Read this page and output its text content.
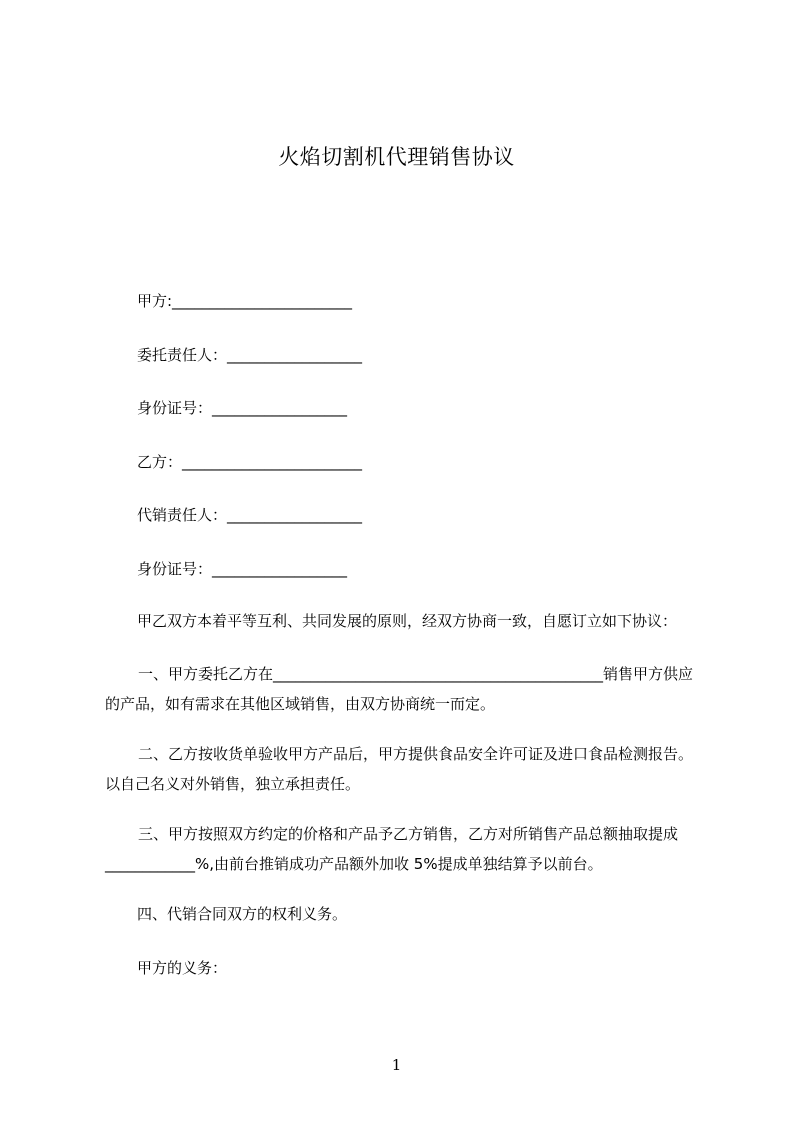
火焰切割机代理销售协议
甲方:________________________
委托责任人：__________________
身份证号：__________________
乙方：________________________
代销责任人：__________________
身份证号：__________________
甲乙双方本着平等互利、共同发展的原则，经双方协商一致，自愿订立如下协议：
一、甲方委托乙方在____________________________________________销售甲方供应的产品，如有需求在其他区域销售，由双方协商统一而定。
二、乙方按收货单验收甲方产品后，甲方提供食品安全许可证及进口食品检测报告。以自己名义对外销售，独立承担责任。
三、甲方按照双方约定的价格和产品予乙方销售，乙方对所销售产品总额抽取提成____________%,由前台推销成功产品额外加收 5%提成单独结算予以前台。
四、代销合同双方的权利义务。
甲方的义务：
1
